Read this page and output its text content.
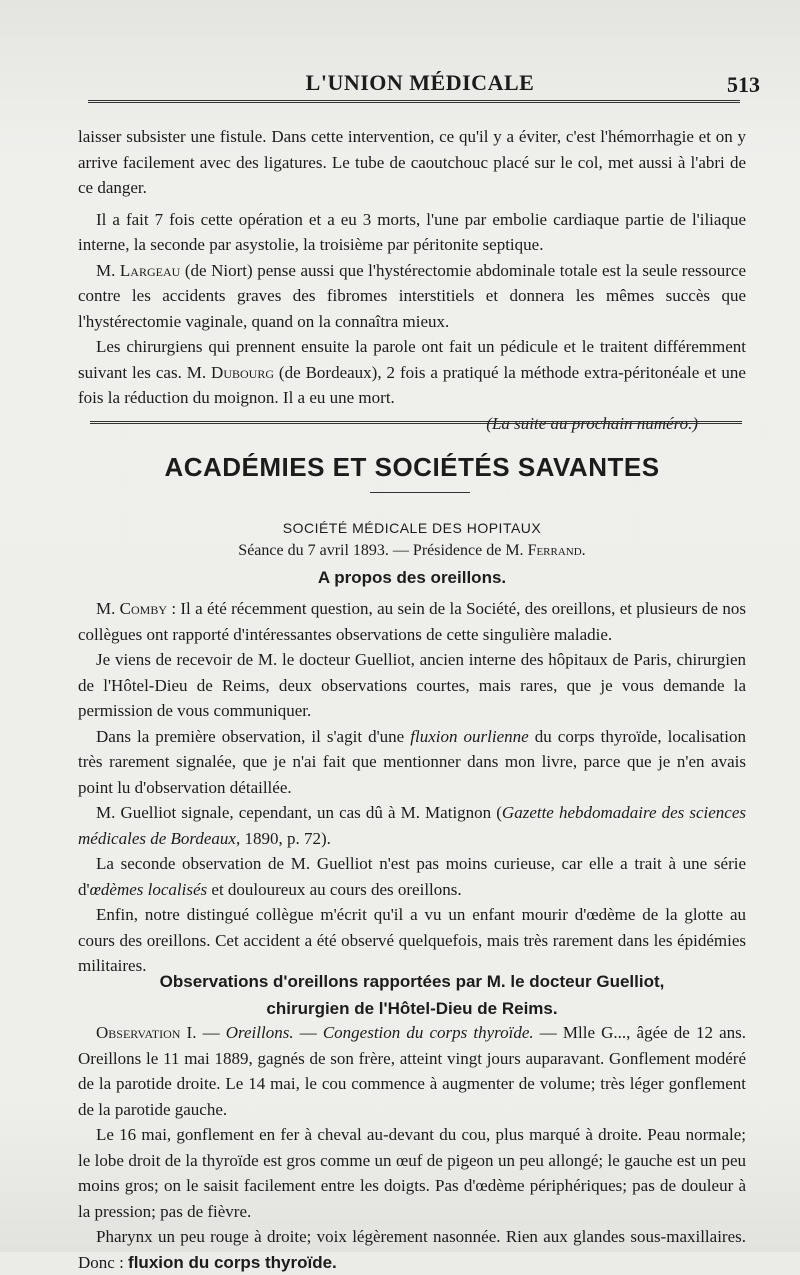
L'UNION MÉDICALE	513

laisser subsister une fistule. Dans cette intervention, ce qu'il y a éviter, c'est l'hémorrhagie et on y arrive facilement avec des ligatures. Le tube de caoutchouc placé sur le col, met aussi à l'abri de ce danger.

Il a fait 7 fois cette opération et a eu 3 morts, l'une par embolie cardiaque partie de l'iliaque interne, la seconde par asystolie, la troisième par péritonite septique.

M. Largeau (de Niort) pense aussi que l'hystérectomie abdominale totale est la seule ressource contre les accidents graves des fibromes interstitiels et donnera les mêmes succès que l'hystérectomie vaginale, quand on la connaîtra mieux.

Les chirurgiens qui prennent ensuite la parole ont fait un pédicule et le traitent différemment suivant les cas. M. Dubourg (de Bordeaux), 2 fois a pratiqué la méthode extra-péritonéale et une fois la réduction du moignon. Il a eu une mort.

(La suite au prochain numéro.)

ACADÉMIES ET SOCIÉTÉS SAVANTES
SOCIÉTÉ MÉDICALE DES HOPITAUX
Séance du 7 avril 1893. — Présidence de M. Ferrand.
A propos des oreillons.

M. Comby : Il a été récemment question, au sein de la Société, des oreillons, et plusieurs de nos collègues ont rapporté d'intéressantes observations de cette singulière maladie.

Je viens de recevoir de M. le docteur Guelliot, ancien interne des hôpitaux de Paris, chirurgien de l'Hôtel-Dieu de Reims, deux observations courtes, mais rares, que je vous demande la permission de vous communiquer.

Dans la première observation, il s'agit d'une fluxion ourlienne du corps thyroïde, localisation très rarement signalée, que je n'ai fait que mentionner dans mon livre, parce que je n'en avais point lu d'observation détaillée.

M. Guelliot signale, cependant, un cas dû à M. Matignon (Gazette hebdomadaire des sciences médicales de Bordeaux, 1890, p. 72).

La seconde observation de M. Guelliot n'est pas moins curieuse, car elle a trait à une série d'œdèmes localisés et douloureux au cours des oreillons.

Enfin, notre distingué collègue m'écrit qu'il a vu un enfant mourir d'œdème de la glotte au cours des oreillons. Cet accident a été observé quelquefois, mais très rarement dans les épidémies militaires.

Observations d'oreillons rapportées par M. le docteur Guelliot,
chirurgien de l'Hôtel-Dieu de Reims.

Observation I. — Oreillons. — Congestion du corps thyroïde. — Mlle G..., âgée de 12 ans. Oreillons le 11 mai 1889, gagnés de son frère, atteint vingt jours auparavant. Gonflement modéré de la parotide droite. Le 14 mai, le cou commence à augmenter de volume; très léger gonflement de la parotide gauche.

Le 16 mai, gonflement en fer à cheval au-devant du cou, plus marqué à droite. Peau normale; le lobe droit de la thyroïde est gros comme un œuf de pigeon un peu allongé; le gauche est un peu moins gros; on le saisit facilement entre les doigts. Pas d'œdème périphériques; pas de douleur à la pression; pas de fièvre.

Pharynx un peu rouge à droite; voix légèrement nasonnée. Rien aux glandes sous-maxillaires. Donc : fluxion du corps thyroïde.
